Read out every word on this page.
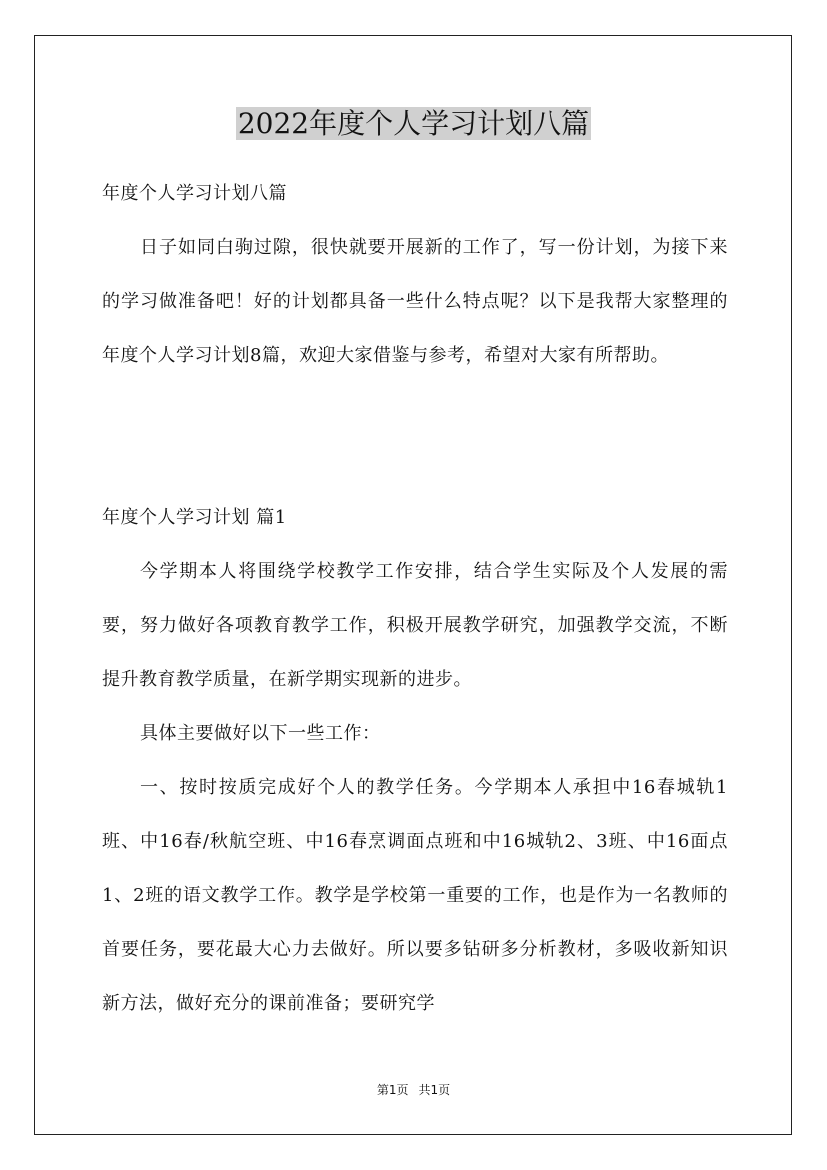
2022年度个人学习计划八篇

年度个人学习计划八篇

日子如同白驹过隙，很快就要开展新的工作了，写一份计划，为接下来的学习做准备吧！好的计划都具备一些什么特点呢？以下是我帮大家整理的年度个人学习计划8篇，欢迎大家借鉴与参考，希望对大家有所帮助。

年度个人学习计划 篇1

今学期本人将围绕学校教学工作安排，结合学生实际及个人发展的需要，努力做好各项教育教学工作，积极开展教学研究，加强教学交流，不断提升教育教学质量，在新学期实现新的进步。

具体主要做好以下一些工作：

一、按时按质完成好个人的教学任务。今学期本人承担中16春城轨1班、中16春/秋航空班、中16春烹调面点班和中16城轨2、3班、中16面点1、2班的语文教学工作。教学是学校第一重要的工作，也是作为一名教师的首要任务，要花最大心力去做好。所以要多钻研多分析教材，多吸收新知识新方法，做好充分的课前准备；要研究学

第1页 共1页
